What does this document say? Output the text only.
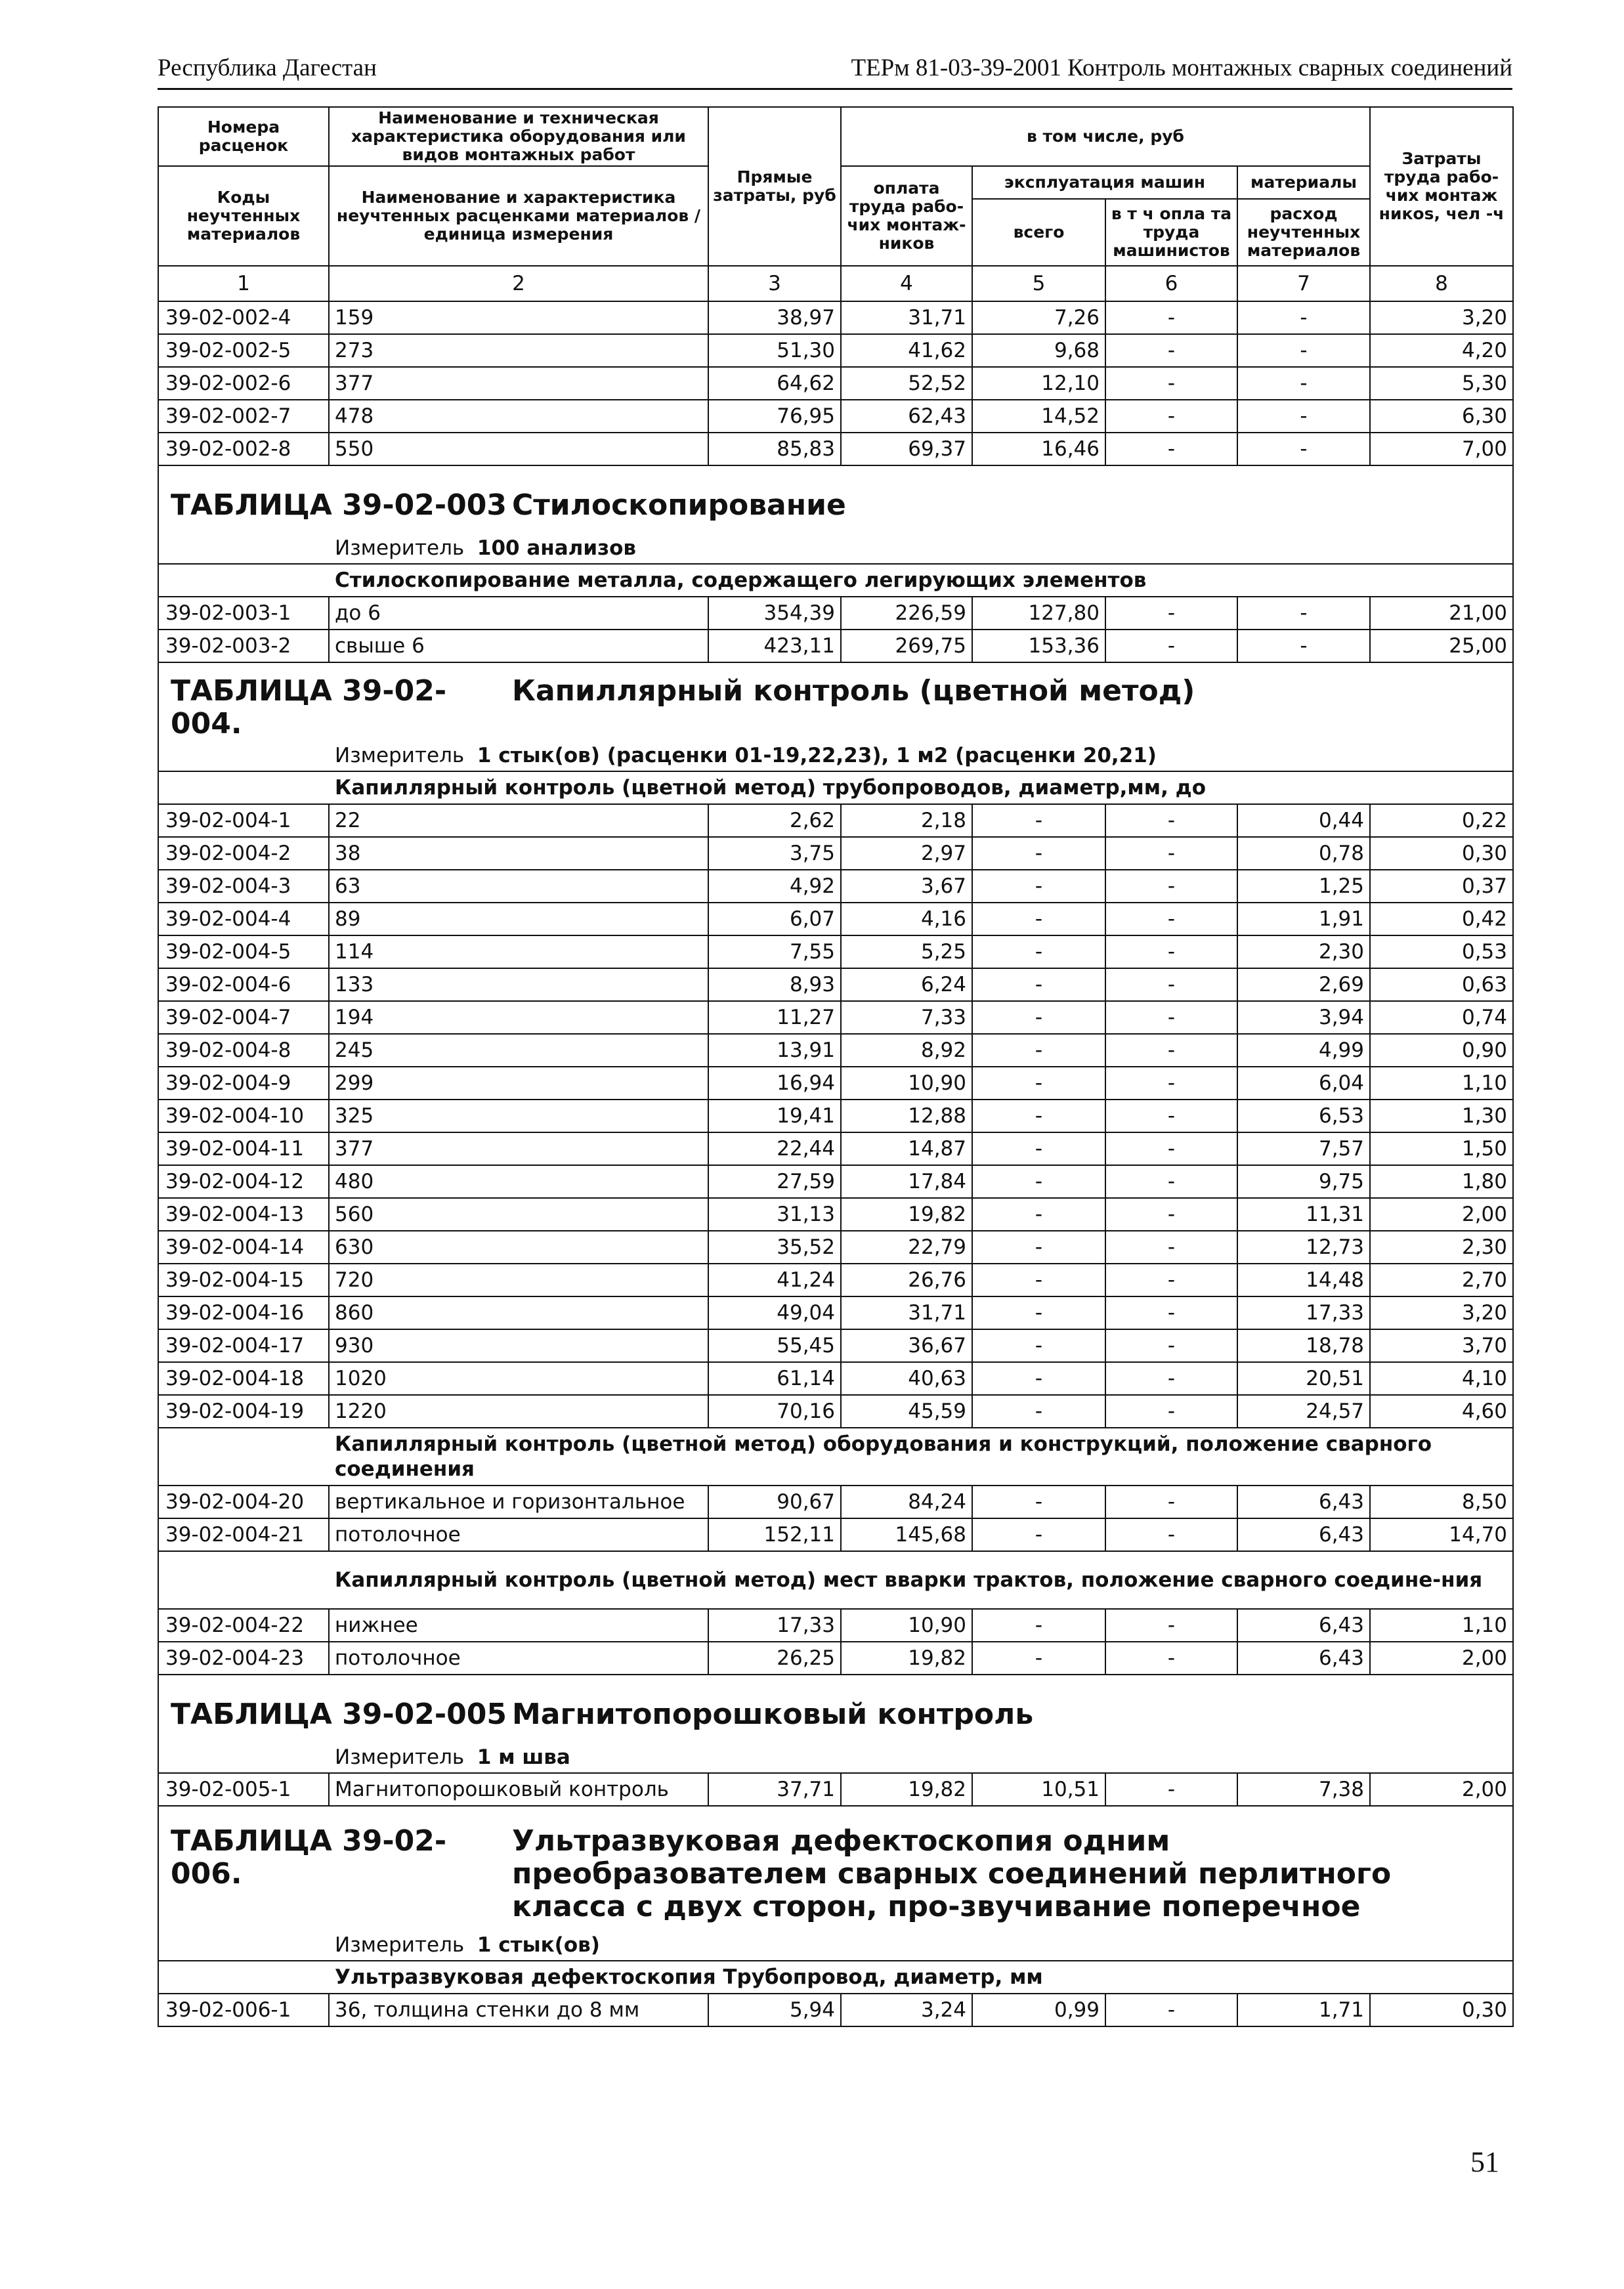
Республика Дагестан	ТЕРм 81-03-39-2001 Контроль монтажных сварных соединений
Номера расценок	Наименование и техническая характеристика оборудования или видов монтажных работ	Прямые затраты, руб	в том числе, руб				Затраты труда рабо-чих монтаж никоs, чел -ч
Коды неучтенных материалов	Наименование и характеристика неучтенных расценками материалов / единица измерения		оплата труда рабо-чих монтаж-ников	эксплуатация машин		материалы	
				всего	в т ч опла та труда машинистов	расход неучтенных материалов	
1	2	3	4	5	6	7	8
39-02-002-4	159	38,97	31,71	7,26	-	-	3,20
39-02-002-5	273	51,30	41,62	9,68	-	-	4,20
39-02-002-6	377	64,62	52,52	12,10	-	-	5,30
39-02-002-7	478	76,95	62,43	14,52	-	-	6,30
39-02-002-8	550	85,83	69,37	16,46	-	-	7,00
ТАБЛИЦА 39-02-003 Стилоскопирование							
Измеритель 100 анализов							
Стилоскопирование металла, содержащего легирующих элементов							
39-02-003-1	до 6	354,39	226,59	127,80	-	-	21,00
39-02-003-2	свыше 6	423,11	269,75	153,36	-	-	25,00
ТАБЛИЦА 39-02-004.Капиллярный контроль (цветной метод)							
Измеритель 1 стык(ов) (расценки 01-19,22,23), 1 м2 (расценки 20,21)							
Капиллярный контроль (цветной метод) трубопроводов, диаметр,мм, до							
39-02-004-1	22	2,62	2,18	-	-	0,44	0,22
39-02-004-2	38	3,75	2,97	-	-	0,78	0,30
39-02-004-3	63	4,92	3,67	-	-	1,25	0,37
39-02-004-4	89	6,07	4,16	-	-	1,91	0,42
39-02-004-5	114	7,55	5,25	-	-	2,30	0,53
39-02-004-6	133	8,93	6,24	-	-	2,69	0,63
39-02-004-7	194	11,27	7,33	-	-	3,94	0,74
39-02-004-8	245	13,91	8,92	-	-	4,99	0,90
39-02-004-9	299	16,94	10,90	-	-	6,04	1,10
39-02-004-10	325	19,41	12,88	-	-	6,53	1,30
39-02-004-11	377	22,44	14,87	-	-	7,57	1,50
39-02-004-12	480	27,59	17,84	-	-	9,75	1,80
39-02-004-13	560	31,13	19,82	-	-	11,31	2,00
39-02-004-14	630	35,52	22,79	-	-	12,73	2,30
39-02-004-15	720	41,24	26,76	-	-	14,48	2,70
39-02-004-16	860	49,04	31,71	-	-	17,33	3,20
39-02-004-17	930	55,45	36,67	-	-	18,78	3,70
39-02-004-18	1020	61,14	40,63	-	-	20,51	4,10
39-02-004-19	1220	70,16	45,59	-	-	24,57	4,60
Капиллярный контроль (цветной метод) оборудования и конструкций, положение сварного соединения							
39-02-004-20	вертикальное и горизонтальное	90,67	84,24	-	-	6,43	8,50
39-02-004-21	потолочное	152,11	145,68	-	-	6,43	14,70
Капиллярный контроль (цветной метод) мест вварки трактов, положение сварного соедине-ния							
39-02-004-22	нижнее	17,33	10,90	-	-	6,43	1,10
39-02-004-23	потолочное	26,25	19,82	-	-	6,43	2,00
ТАБЛИЦА 39-02-005 Магнитопорошковый контроль							
Измеритель 1 м шва							
39-02-005-1	Магнитопорошковый контроль	37,71	19,82	10,51	-	7,38	2,00
ТАБЛИЦА 39-02-006.Ультразвуковая дефектоскопия одним преобразователем сварных соединений перлитного класса с двух сторон, про-звучивание поперечное							
Измеритель 1 стык(ов)							
Ультразвуковая дефектоскопия Трубопровод, диаметр, мм							
39-02-006-1	36, толщина стенки до 8 мм	5,94	3,24	0,99	-	1,71	0,30
51
